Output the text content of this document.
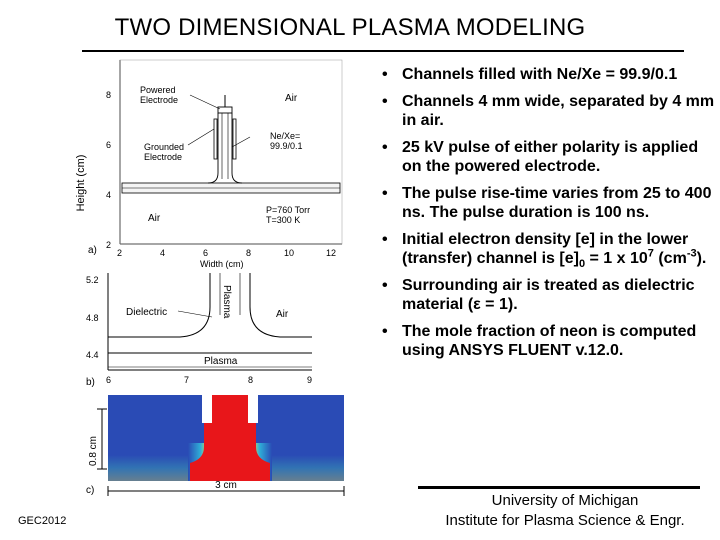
TWO DIMENSIONAL PLASMA MODELING
Height (cm)
8
6
4
2
2	4	6	8	10	12
Width (cm)
a)
Powered
Electrode	Air
Grounded
Electrode
Ne/Xe=
99.9/0.1
Air
P=760 Torr
T=300 K
5.2
4.8
4.4
6	7	8	9
b)
Dielectric	Plasma	Air
Plasma
0.8 cm
3 cm
c)
• Channels filled with Ne/Xe = 99.9/0.1
• Channels 4 mm wide, separated by 4 mm in air.
• 25 kV pulse of either polarity is applied on the powered electrode.
• The pulse rise-time varies from 25 to 400 ns. The pulse duration is 100 ns.
• Initial electron density [e] in the lower (transfer) channel is $[e]_0 = 1$ x $10^7$ $(cm^{-3})$.
• Surrounding air is treated as dielectric material (ε = 1).
• The mole fraction of neon is computed using ANSYS FLUENT v.12.0.
GEC2012
University of Michigan
Institute for Plasma Science & Engr.
